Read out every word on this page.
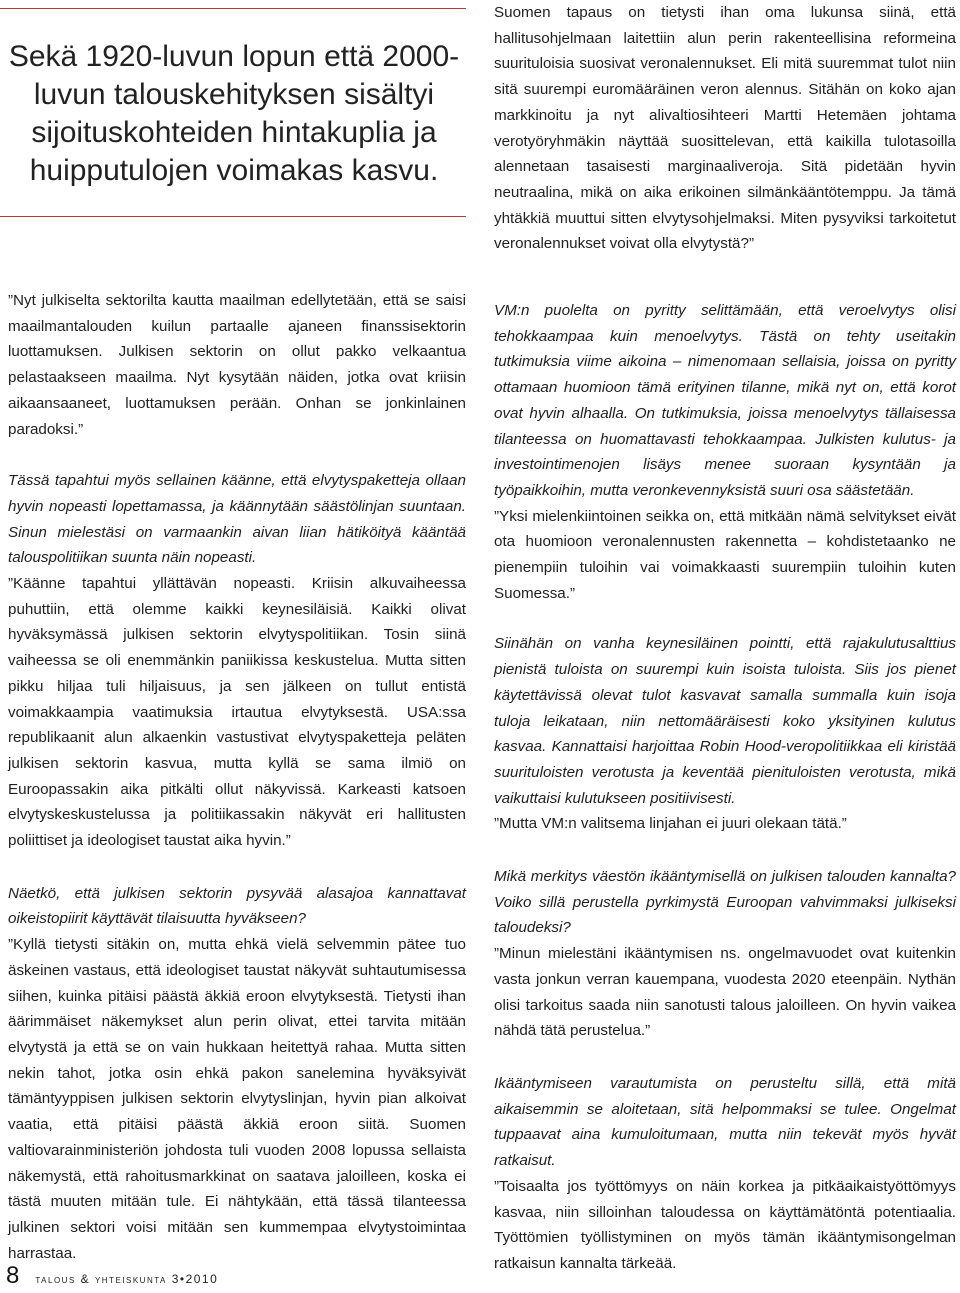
Sekä 1920-luvun lopun että 2000-luvun talouskehityksen sisältyi sijoituskohteiden hintakuplia ja huipputulojen voimakas kasvu.

Suomen tapaus on tietysti ihan oma lukunsa siinä, että hallitusohjelmaan laitettiin alun perin rakenteellisina reformeina suurituloisia suosivat veronalennukset. Eli mitä suuremmat tulot niin sitä suurempi euromääräinen veron alennus. Sitähän on koko ajan markkinoitu ja nyt alivaltiosihteeri Martti Hetemäen johtama verotyöryhmäkin näyttää suosittelevan, että kaikilla tulotasoilla alennetaan tasaisesti marginaaliveroja. Sitä pidetään hyvin neutraalina, mikä on aika erikoinen silmänkääntötemppu. Ja tämä yhtäkkiä muuttui sitten elvytysohjelmaksi. Miten pysyviksi tarkoitetut veronalennukset voivat olla elvytystä?”

”Nyt julkiselta sektorilta kautta maailman edellytetään, että se saisi maailmantalouden kuilun partaalle ajaneen finanssisektorin luottamuksen. Julkisen sektorin on ollut pakko velkaantua pelastaakseen maailma. Nyt kysytään näiden, jotka ovat kriisin aikaansaaneet, luottamuksen perään. Onhan se jonkinlainen paradoksi.”

Tässä tapahtui myös sellainen käänne, että elvytyspaketteja ollaan hyvin nopeasti lopettamassa, ja käännytään säästölinjan suuntaan. Sinun mielestäsi on varmaankin aivan liian hätiköityä kääntää talouspolitiikan suunta näin nopeasti.

”Käänne tapahtui yllättävän nopeasti. Kriisin alkuvaiheessa puhuttiin, että olemme kaikki keynesiläisiä. Kaikki olivat hyväksymässä julkisen sektorin elvytyspolitiikan. Tosin siinä vaiheessa se oli enemmänkin paniikissa keskustelua. Mutta sitten pikku hiljaa tuli hiljaisuus, ja sen jälkeen on tullut entistä voimakkaampia vaatimuksia irtautua elvytyksestä. USA:ssa republikaanit alun alkaenkin vastustivat elvytyspaketteja peläten julkisen sektorin kasvua, mutta kyllä se sama ilmiö on Euroopassakin aika pitkälti ollut näkyvissä. Karkeasti katsoen elvytyskeskustelussa ja politiikassakin näkyvät eri hallitusten poliittiset ja ideologiset taustat aika hyvin.”

Näetkö, että julkisen sektorin pysyvää alasajoa kannattavat oikeistopiirit käyttävät tilaisuutta hyväkseen?

”Kyllä tietysti sitäkin on, mutta ehkä vielä selvemmin pätee tuo äskeinen vastaus, että ideologiset taustat näkyvät suhtautumisessa siihen, kuinka pitäisi päästä äkkiä eroon elvytyksestä. Tietysti ihan äärimmäiset näkemykset alun perin olivat, ettei tarvita mitään elvytystä ja että se on vain hukkaan heitettyä rahaa. Mutta sitten nekin tahot, jotka osin ehkä pakon sanelemina hyväksyivät tämäntyyppisen julkisen sektorin elvytyslinjan, hyvin pian alkoivat vaatia, että pitäisi päästä äkkiä eroon siitä. Suomen valtiovarainministeriön johdosta tuli vuoden 2008 lopussa sellaista näkemystä, että rahoitusmarkkinat on saatava jaloilleen, koska ei tästä muuten mitään tule. Ei nähtykään, että tässä tilanteessa julkinen sektori voisi mitään sen kummempaa elvytystoimintaa harrastaa.

VM:n puolelta on pyritty selittämään, että veroelvytys olisi tehokkaampaa kuin menoelvytys. Tästä on tehty useitakin tutkimuksia viime aikoina – nimenomaan sellaisia, joissa on pyritty ottamaan huomioon tämä erityinen tilanne, mikä nyt on, että korot ovat hyvin alhaalla. On tutkimuksia, joissa menoelvytys tällaisessa tilanteessa on huomattavasti tehokkaampaa. Julkisten kulutus- ja investointimenojen lisäys menee suoraan kysyntään ja työpaikkoihin, mutta veronkevennyksistä suuri osa säästetään.

”Yksi mielenkiintoinen seikka on, että mitkään nämä selvitykset eivät ota huomioon veronalennusten rakennetta – kohdistetaanko ne pienempiin tuloihin vai voimakkaasti suurempiin tuloihin kuten Suomessa.”

Siinähän on vanha keynesiläinen pointti, että rajakulutusalttius pienistä tuloista on suurempi kuin isoista tuloista. Siis jos pienet käytettävissä olevat tulot kasvavat samalla summalla kuin isoja tuloja leikataan, niin nettomääräisesti koko yksityinen kulutus kasvaa. Kannattaisi harjoittaa Robin Hood-veropolitiikkaa eli kiristää suurituloisten verotusta ja keventää pienituloisten verotusta, mikä vaikuttaisi kulutukseen positiivisesti.

”Mutta VM:n valitsema linjahan ei juuri olekaan tätä.”

Mikä merkitys väestön ikääntymisellä on julkisen talouden kannalta? Voiko sillä perustella pyrkimystä Euroopan vahvimmaksi julkiseksi taloudeksi?

”Minun mielestäni ikääntymisen ns. ongelmavuodet ovat kuitenkin vasta jonkun verran kauempana, vuodesta 2020 eteenpäin. Nythän olisi tarkoitus saada niin sanotusti talous jaloilleen. On hyvin vaikea nähdä tätä perustelua.”

Ikääntymiseen varautumista on perusteltu sillä, että mitä aikaisemmin se aloitetaan, sitä helpommaksi se tulee. Ongelmat tuppaavat aina kumuloitumaan, mutta niin tekevät myös hyvät ratkaisut.

”Toisaalta jos työttömyys on näin korkea ja pitkäaikaistyöttömyys kasvaa, niin silloinhan taloudessa on käyttämätöntä potentiaalia. Työttömien työllistyminen on myös tämän ikääntymisongelman ratkaisun kannalta tärkeää.

8 talous & yhteiskunta 3•2010
